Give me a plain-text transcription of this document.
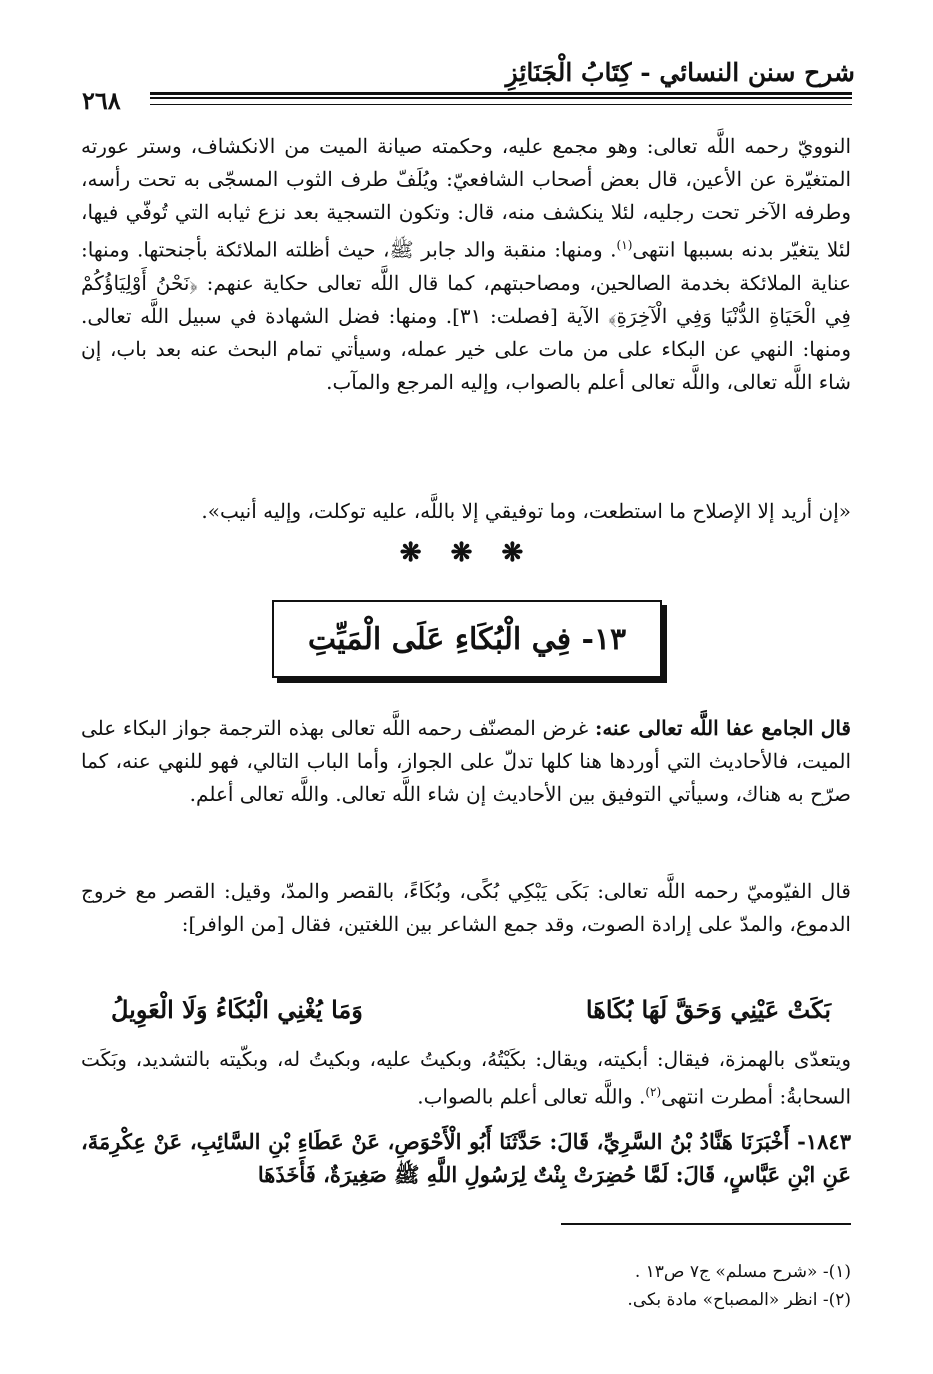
شرح سنن النسائي - كِتَابُ الْجَنَائِزِ
٢٦٨
النوويّ رحمه اللَّه تعالى: وهو مجمع عليه، وحكمته صيانة الميت من الانكشاف، وستر عورته المتغيّرة عن الأعين، قال بعض أصحاب الشافعيّ: ويُلَفّ طرف الثوب المسجّى به تحت رأسه، وطرفه الآخر تحت رجليه، لئلا ينكشف منه، قال: وتكون التسجية بعد نزع ثيابه التي تُوفّي فيها، لئلا يتغيّر بدنه بسببها انتهى$^{(١)}$. ومنها: منقبة والد جابر ﷺ، حيث أظلته الملائكة بأجنحتها. ومنها: عناية الملائكة بخدمة الصالحين، ومصاحبتهم، كما قال اللَّه تعالى حكاية عنهم: ﴿نَحْنُ أَوْلِيَاؤُكُمْ فِي الْحَيَاةِ الدُّنْيَا وَفِي الْآخِرَةِ﴾ الآية [فصلت: ٣١]. ومنها: فضل الشهادة في سبيل اللَّه تعالى. ومنها: النهي عن البكاء على من مات على خير عمله، وسيأتي تمام البحث عنه بعد باب، إن شاء اللَّه تعالى، واللَّه تعالى أعلم بالصواب، وإليه المرجع والمآب.
«إن أريد إلا الإصلاح ما استطعت، وما توفيقي إلا باللَّه، عليه توكلت، وإليه أنيب».
❋ ❋ ❋
١٣- فِي الْبُكَاءِ عَلَى الْمَيِّتِ
قال الجامع عفا اللَّه تعالى عنه: غرض المصنّف رحمه اللَّه تعالى بهذه الترجمة جواز البكاء على الميت، فالأحاديث التي أوردها هنا كلها تدلّ على الجواز، وأما الباب التالي، فهو للنهي عنه، كما صرّح به هناك، وسيأتي التوفيق بين الأحاديث إن شاء اللَّه تعالى. واللَّه تعالى أعلم.
قال الفيّوميّ رحمه اللَّه تعالى: بَكَى يَبْكِي بُكًى، وبُكَاءً، بالقصر والمدّ، وقيل: القصر مع خروج الدموع، والمدّ على إرادة الصوت، وقد جمع الشاعر بين اللغتين، فقال [من الوافر]:
بَكَتْ عَيْنِي وَحَقَّ لَهَا بُكَاهَا
وَمَا يُغْنِي الْبُكَاءُ وَلَا الْعَوِيلُ
ويتعدّى بالهمزة، فيقال: أبكيته، ويقال: بكَيْتُهُ، وبكيتُ عليه، وبكيتُ له، وبكّيته بالتشديد، وبَكَت السحابةُ: أمطرت انتهى$^{(٢)}$. واللَّه تعالى أعلم بالصواب.
١٨٤٣- أَخْبَرَنَا هَنَّادُ بْنُ السَّرِيِّ، قَالَ: حَدَّثَنَا أَبُو الْأَحْوَصِ، عَنْ عَطَاءِ بْنِ السَّائِبِ، عَنْ عِكْرِمَةَ، عَنِ ابْنِ عَبَّاسٍ، قَالَ: لَمَّا حُضِرَتْ بِنْتٌ لِرَسُولِ اللَّهِ ﷺ صَغِيرَةٌ، فَأَخَذَهَا
(١)- «شرح مسلم» ج٧ ص١٣ .
(٢)- انظر «المصباح» مادة بكى.
